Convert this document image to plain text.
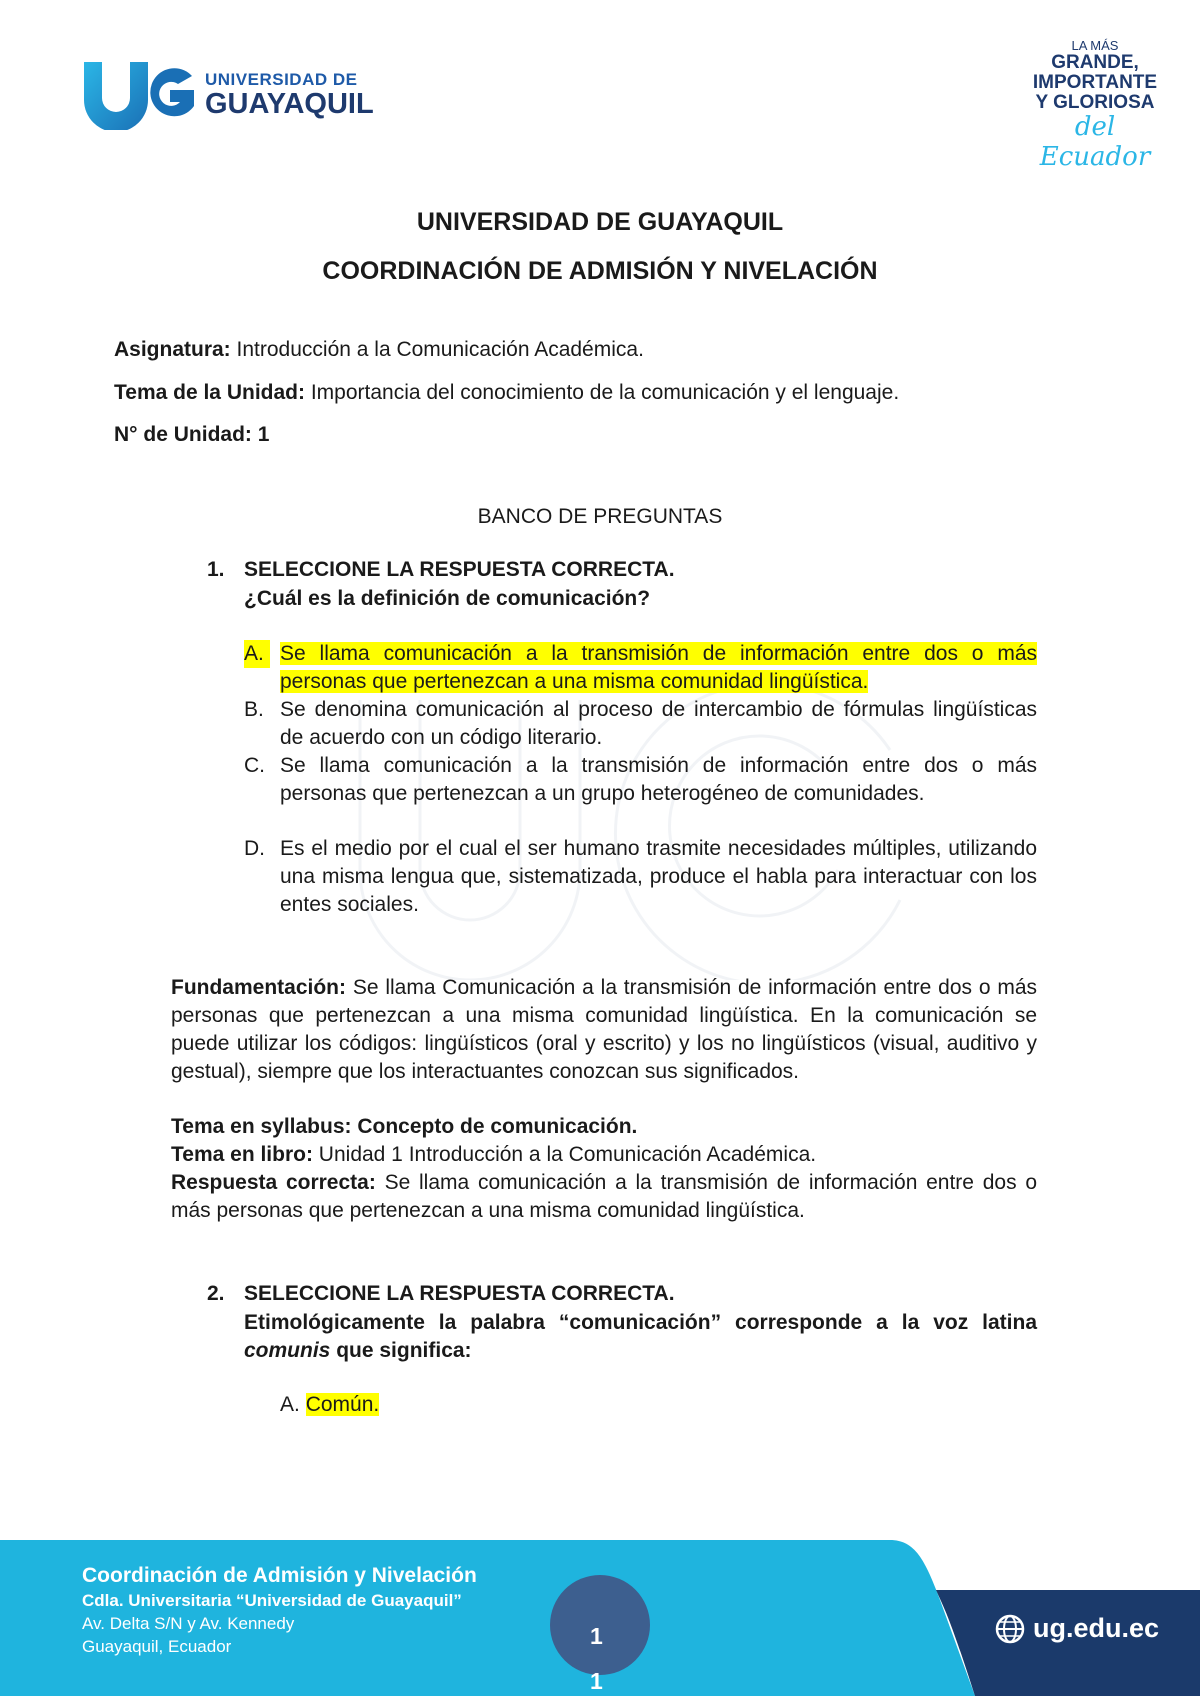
UNIVERSIDAD DE
GUAYAQUIL
LA MÁS
GRANDE,
IMPORTANTE
Y GLORIOSA
del Ecuador
UNIVERSIDAD DE GUAYAQUIL
COORDINACIÓN DE ADMISIÓN Y NIVELACIÓN
Asignatura: Introducción a la Comunicación Académica.
Tema de la Unidad: Importancia del conocimiento de la comunicación y el lenguaje.
N° de Unidad: 1
BANCO DE PREGUNTAS
1. SELECCIONE LA RESPUESTA CORRECTA.
¿Cuál es la definición de comunicación?
A. Se llama comunicación a la transmisión de información entre dos o más personas que pertenezcan a una misma comunidad lingüística.
B. Se denomina comunicación al proceso de intercambio de fórmulas lingüísticas de acuerdo con un código literario.
C. Se llama comunicación a la transmisión de información entre dos o más personas que pertenezcan a un grupo heterogéneo de comunidades.
D. Es el medio por el cual el ser humano trasmite necesidades múltiples, utilizando una misma lengua que, sistematizada, produce el habla para interactuar con los entes sociales.
Fundamentación: Se llama Comunicación a la transmisión de información entre dos o más personas que pertenezcan a una misma comunidad lingüística. En la comunicación se puede utilizar los códigos: lingüísticos (oral y escrito) y los no lingüísticos (visual, auditivo y gestual), siempre que los interactuantes conozcan sus significados.
Tema en syllabus: Concepto de comunicación.
Tema en libro: Unidad 1 Introducción a la Comunicación Académica.
Respuesta correcta: Se llama comunicación a la transmisión de información entre dos o más personas que pertenezcan a una misma comunidad lingüística.
2. SELECCIONE LA RESPUESTA CORRECTA.
Etimológicamente la palabra “comunicación” corresponde a la voz latina comunis que significa:
A. Común.
Coordinación de Admisión y Nivelación
Cdla. Universitaria “Universidad de Guayaquil”
Av. Delta S/N y Av. Kennedy
Guayaquil, Ecuador	1
1
ug.edu.ec
